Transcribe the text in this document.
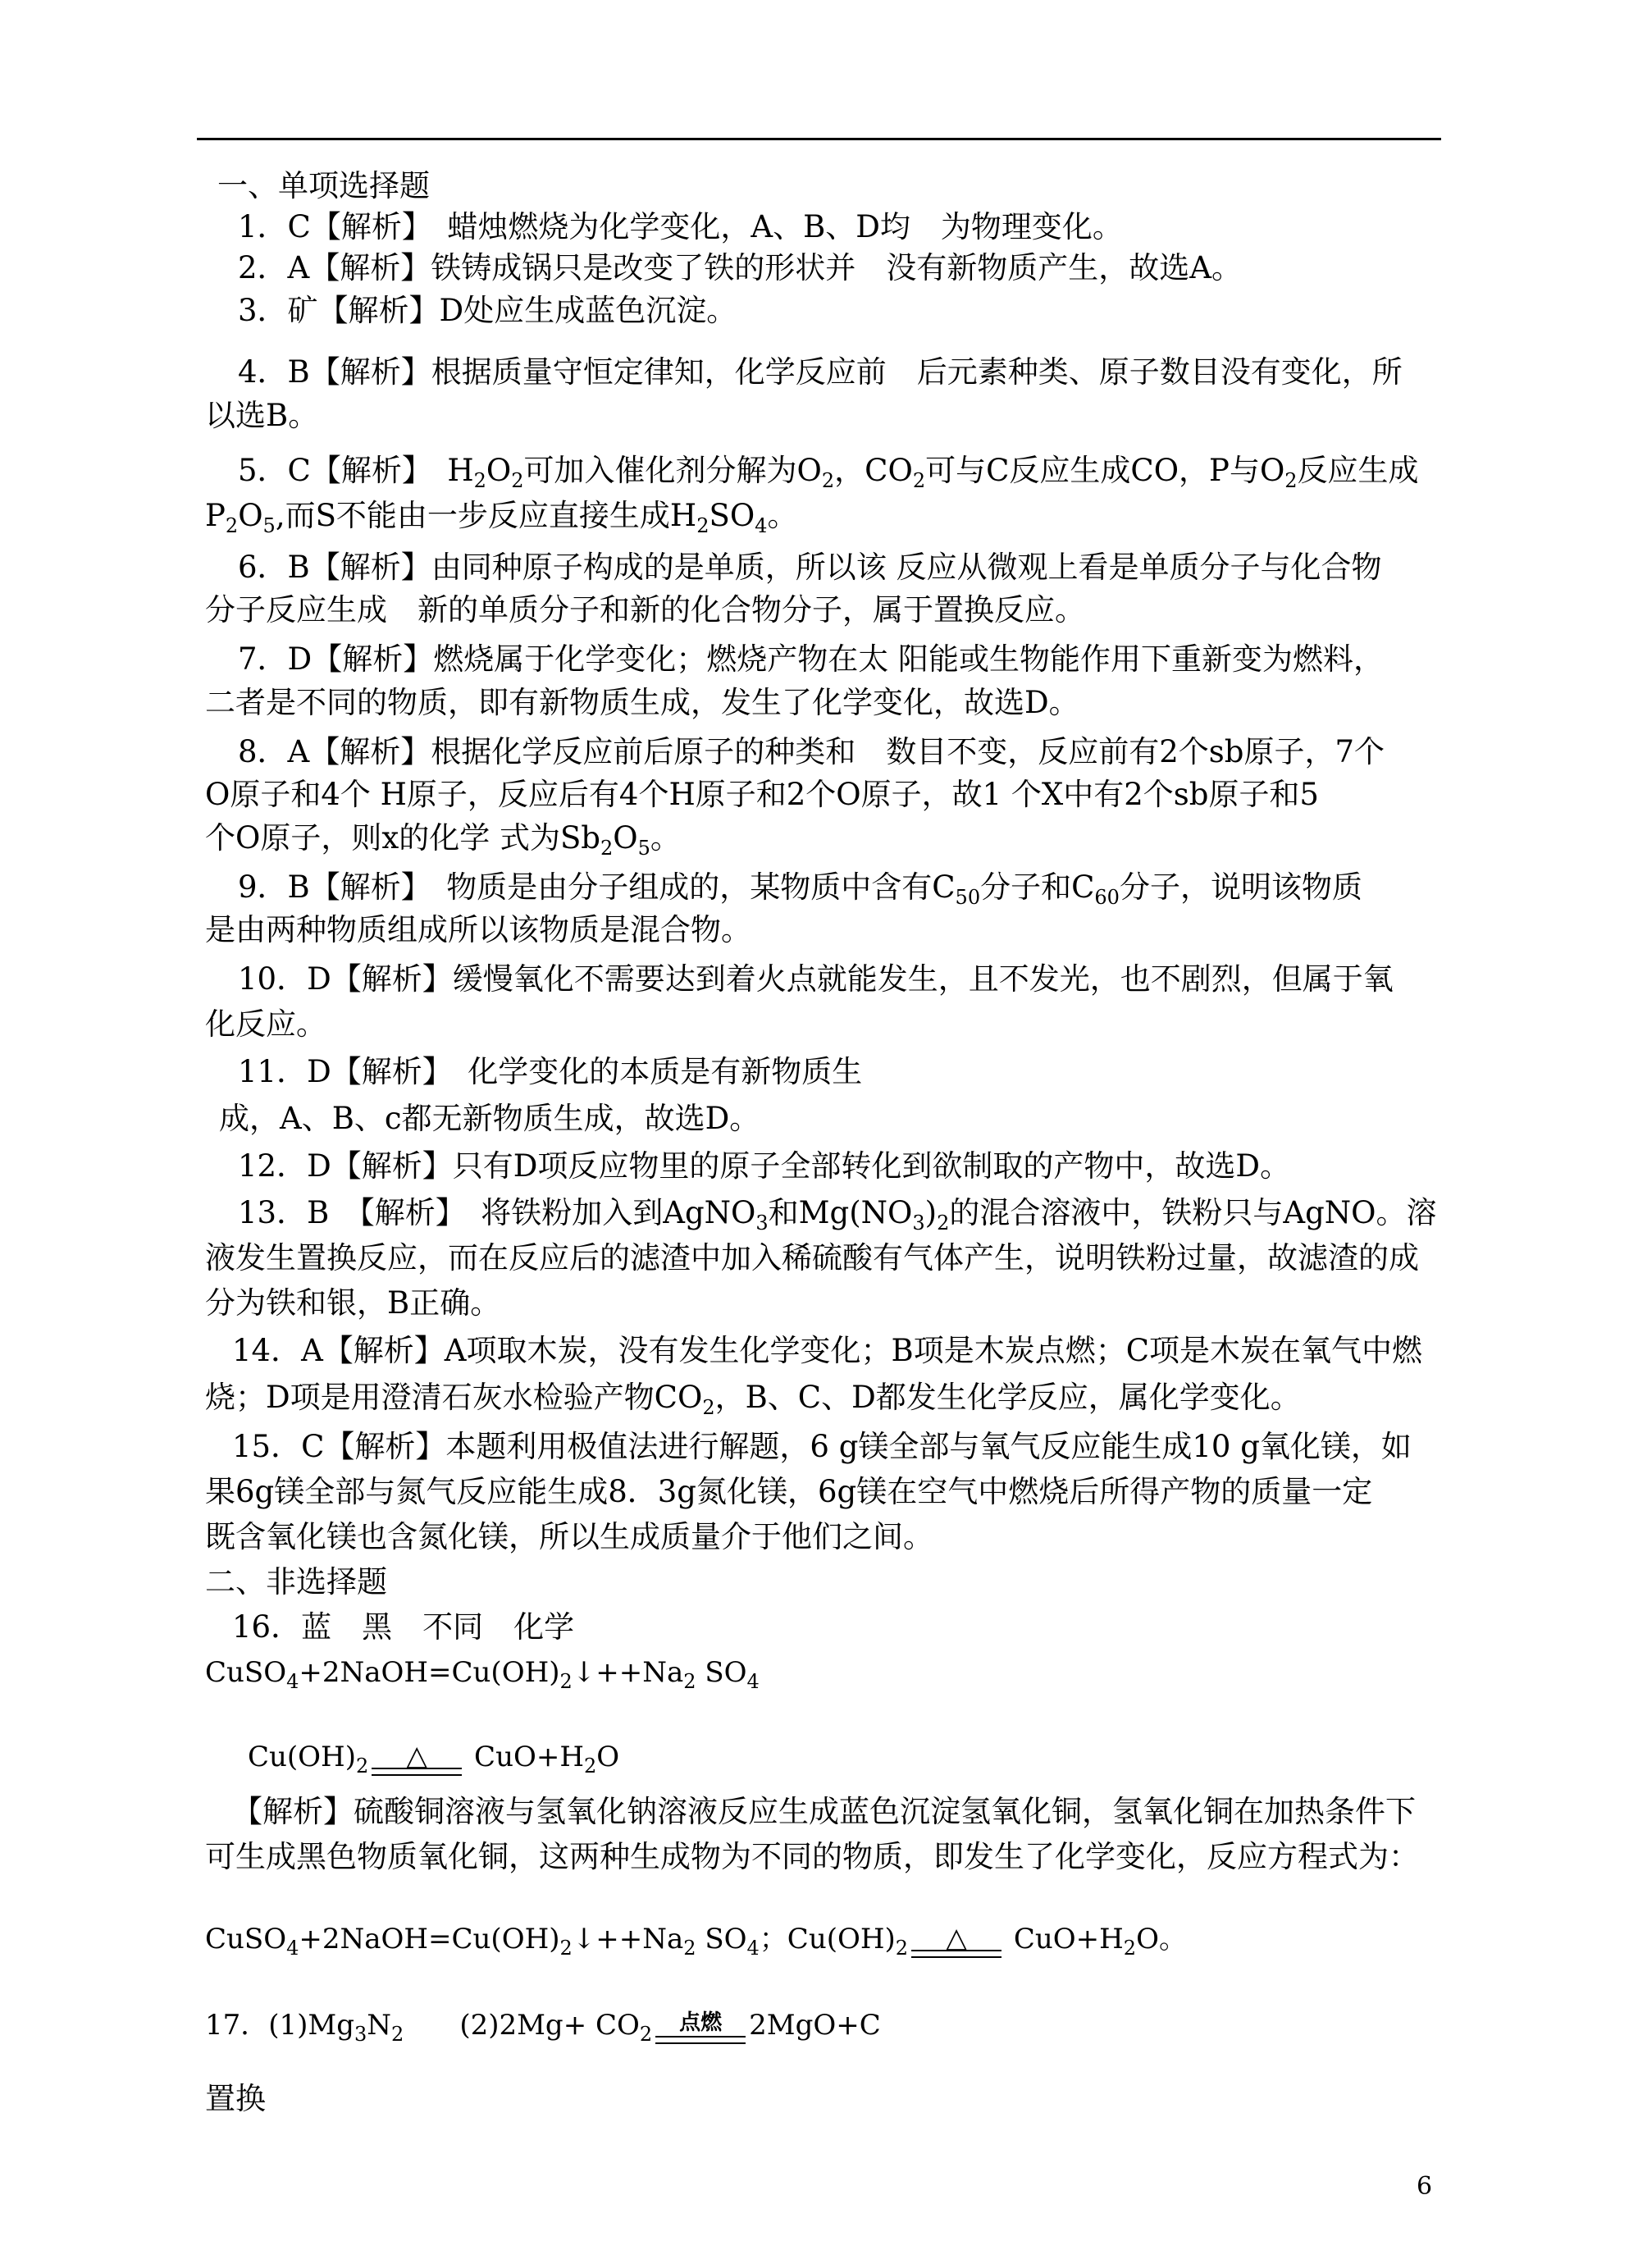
一、单项选择题
1．C【解析】　蜡烛燃烧为化学变化，A、B、D均　为物理变化。
2．A【解析】铁铸成锅只是改变了铁的形状并　没有新物质产生，故选A。
3．矿【解析】D处应生成蓝色沉淀。
4．B【解析】根据质量守恒定律知，化学反应前　后元素种类、原子数目没有变化，所
以选B。
5．C【解析】　$H_2O_2$可加入催化剂分解为$O_2$，$CO_2$可与C反应生成CO，P与$O_2$反应生成
$P_2O_5$,而S不能由一步反应直接生成$H_2SO_4$。
6．B【解析】由同种原子构成的是单质，所以该 反应从微观上看是单质分子与化合物
分子反应生成　新的单质分子和新的化合物分子，属于置换反应。
7．D【解析】燃烧属于化学变化；燃烧产物在太 阳能或生物能作用下重新变为燃料，
二者是不同的物质，即有新物质生成，发生了化学变化，故选D。
8．A【解析】根据化学反应前后原子的种类和　数目不变，反应前有2个sb原子，7个
O原子和4个 H原子，反应后有4个H原子和2个O原子，故1 个X中有2个sb原子和5
个O原子，则x的化学 式为$Sb_2O_5$。
9．B【解析】　物质是由分子组成的，某物质中含有$C_{50}$分子和$C_{60}$分子，说明该物质
是由两种物质组成所以该物质是混合物。
10．D【解析】缓慢氧化不需要达到着火点就能发生，且不发光，也不剧烈，但属于氧
化反应。
11．D【解析】　化学变化的本质是有新物质生
成，A、B、c都无新物质生成，故选D。
12．D【解析】只有D项反应物里的原子全部转化到欲制取的产物中，故选D。
13．B　【解析】　将铁粉加入到AgNO$_3$和$Mg(NO_3)_2$的混合溶液中，铁粉只与AgNO。溶
液发生置换反应，而在反应后的滤渣中加入稀硫酸有气体产生，说明铁粉过量，故滤渣的成
分为铁和银，B正确。
14．A【解析】A项取木炭，没有发生化学变化；B项是木炭点燃；C项是木炭在氧气中燃
烧；D项是用澄清石灰水检验产物$CO_2$，B、C、D都发生化学反应，属化学变化。
15．C【解析】本题利用极值法进行解题，6 g镁全部与氧气反应能生成10 g氧化镁，如
果6g镁全部与氮气反应能生成8．3g氮化镁，6g镁在空气中燃烧后所得产物的质量一定
既含氧化镁也含氮化镁，所以生成质量介于他们之间。
二、非选择题
16．蓝　黑　不同　化学
$CuSO_4+2NaOH=Cu(OH)_2↓++Na_2$ $SO_4$
$Cu(OH)_2$	△	$CuO+H_2O$
【解析】硫酸铜溶液与氢氧化钠溶液反应生成蓝色沉淀氢氧化铜，氢氧化铜在加热条件下
可生成黑色物质氧化铜，这两种生成物为不同的物质，即发生了化学变化，反应方程式为：
$CuSO_4+2NaOH=Cu(OH)_2↓++Na_2$ $SO_4$；$Cu(OH)_2$	△	$CuO+H_2O$。
17．$(1)Mg_3N_2$　　$(2)2Mg+ CO_2$	点燃 2MgO+C
置换
6
